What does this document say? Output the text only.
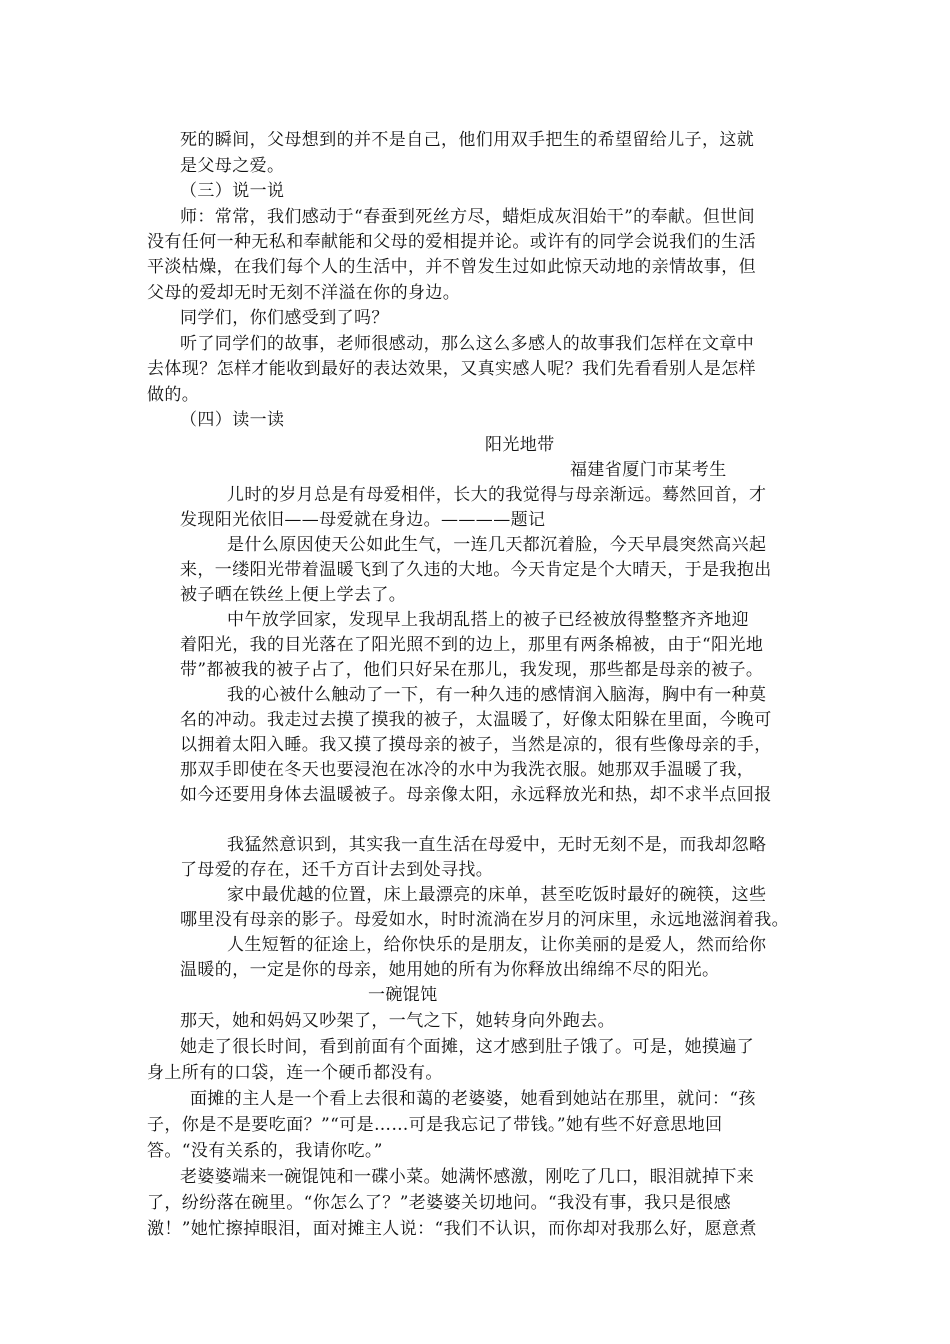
死的瞬间，父母想到的并不是自己，他们用双手把生的希望留给儿子，这就
是父母之爱。
（三）说一说
师：常常，我们感动于“春蚕到死丝方尽，蜡炬成灰泪始干”的奉献。但世间
没有任何一种无私和奉献能和父母的爱相提并论。或许有的同学会说我们的生活
平淡枯燥，在我们每个人的生活中，并不曾发生过如此惊天动地的亲情故事，但
父母的爱却无时无刻不洋溢在你的身边。
同学们，你们感受到了吗？
听了同学们的故事，老师很感动，那么这么多感人的故事我们怎样在文章中
去体现？怎样才能收到最好的表达效果，又真实感人呢？我们先看看别人是怎样
做的。
（四）读一读
阳光地带
福建省厦门市某考生
儿时的岁月总是有母爱相伴，长大的我觉得与母亲渐远。蓦然回首，才
发现阳光依旧——母爱就在身边。————题记
是什么原因使天公如此生气，一连几天都沉着脸，今天早晨突然高兴起
来，一缕阳光带着温暖飞到了久违的大地。今天肯定是个大晴天，于是我抱出
被子晒在铁丝上便上学去了。
中午放学回家，发现早上我胡乱搭上的被子已经被放得整整齐齐地迎
着阳光，我的目光落在了阳光照不到的边上，那里有两条棉被，由于“阳光地
带”都被我的被子占了，他们只好呆在那儿，我发现，那些都是母亲的被子。
我的心被什么触动了一下，有一种久违的感情润入脑海，胸中有一种莫
名的冲动。我走过去摸了摸我的被子，太温暖了，好像太阳躲在里面，今晚可
以拥着太阳入睡。我又摸了摸母亲的被子，当然是凉的，很有些像母亲的手，
那双手即使在冬天也要浸泡在冰冷的水中为我洗衣服。她那双手温暖了我，
如今还要用身体去温暖被子。母亲像太阳，永远释放光和热，却不求半点回报
我猛然意识到，其实我一直生活在母爱中，无时无刻不是，而我却忽略
了母爱的存在，还千方百计去到处寻找。
家中最优越的位置，床上最漂亮的床单，甚至吃饭时最好的碗筷，这些
哪里没有母亲的影子。母爱如水，时时流淌在岁月的河床里，永远地滋润着我。
人生短暂的征途上，给你快乐的是朋友，让你美丽的是爱人，然而给你
温暖的，一定是你的母亲，她用她的所有为你释放出绵绵不尽的阳光。
一碗馄饨
那天，她和妈妈又吵架了，一气之下，她转身向外跑去。
她走了很长时间，看到前面有个面摊，这才感到肚子饿了。可是，她摸遍了
身上所有的口袋，连一个硬币都没有。
面摊的主人是一个看上去很和蔼的老婆婆，她看到她站在那里，就问：“孩
子，你是不是要吃面？”“可是……可是我忘记了带钱。”她有些不好意思地回
答。“没有关系的，我请你吃。”
老婆婆端来一碗馄饨和一碟小菜。她满怀感激，刚吃了几口，眼泪就掉下来
了，纷纷落在碗里。“你怎么了？”老婆婆关切地问。“我没有事，我只是很感
激！”她忙擦掉眼泪，面对摊主人说：“我们不认识，而你却对我那么好，愿意煮
